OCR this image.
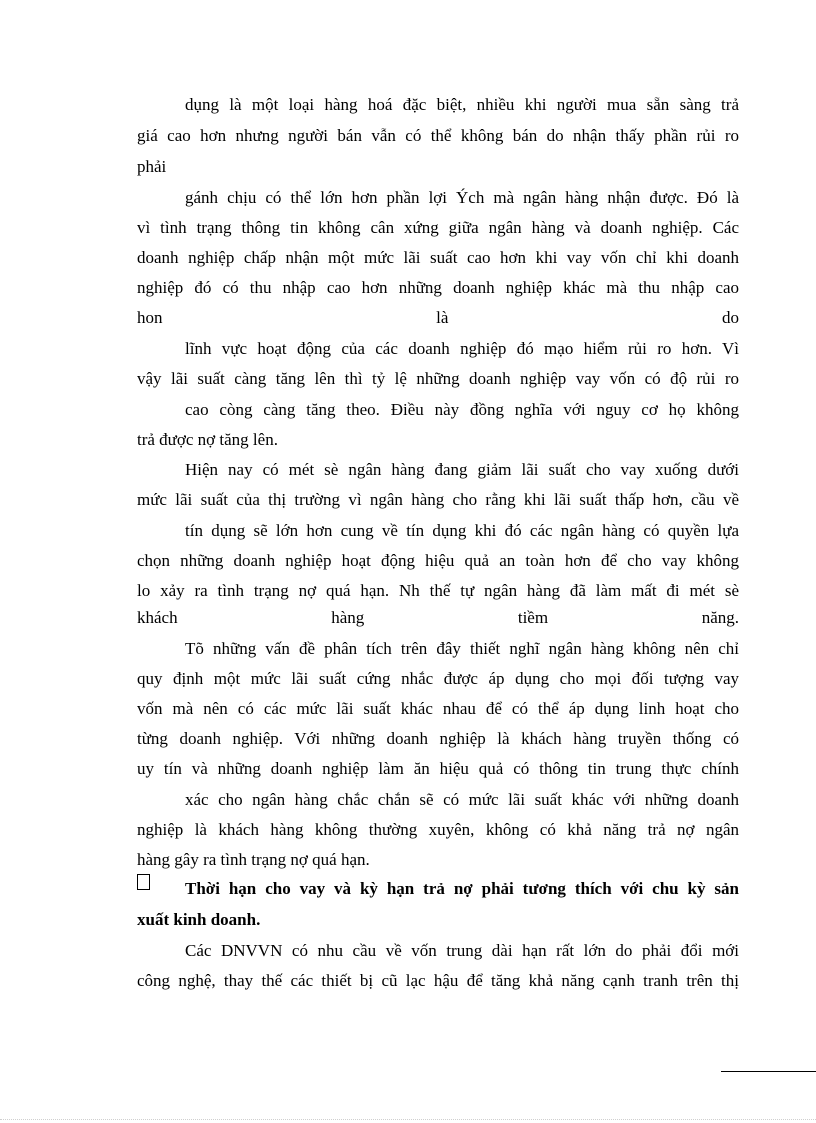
dụng là một loại hàng hoá đặc biệt, nhiều khi người mua sẵn sàng trả
giá cao hơn nhưng người bán vẫn có thể không bán do nhận thấy phần rủi ro
phải
gánh chịu có thể lớn hơn phần lợi Ých mà ngân hàng nhận được. Đó là
vì tình trạng thông tin không cân xứng giữa ngân hàng và doanh nghiệp. Các
doanh nghiệp chấp nhận một mức lãi suất cao hơn khi vay vốn chỉ khi doanh
nghiệp đó có thu nhập cao hơn những doanh nghiệp khác mà thu nhập cao
hon là do
lĩnh vực hoạt động của các doanh nghiệp đó mạo hiểm rủi ro hơn. Vì
vậy lãi suất càng tăng lên thì tỷ lệ những doanh nghiệp vay vốn có độ rủi ro
cao còng càng tăng theo. Điều này đồng nghĩa với nguy cơ họ không
trả được nợ tăng lên.
Hiện nay có mét sè ngân hàng đang giảm lãi suất cho vay xuống dưới
mức lãi suất của thị trường vì ngân hàng cho rằng khi lãi suất thấp hơn, cầu về
tín dụng sẽ lớn hơn cung về tín dụng khi đó các ngân hàng có quyền lựa
chọn những doanh nghiệp hoạt động hiệu quả an toàn hơn để cho vay không
lo xảy ra tình trạng nợ quá hạn. Nh thế tự ngân hàng đã làm mất đi mét sè
khách hàng tiềm năng.
Tõ những vấn đề phân tích trên đây thiết nghĩ ngân hàng không nên chỉ
quy định một mức lãi suất cứng nhắc được áp dụng cho mọi đối tượng vay
vốn mà nên có các mức lãi suất khác nhau để có thể áp dụng linh hoạt cho
từng doanh nghiệp. Với những doanh nghiệp là khách hàng truyền thống có
uy tín và những doanh nghiệp làm ăn hiệu quả có thông tin trung thực chính
xác cho ngân hàng chắc chắn sẽ có mức lãi suất khác với những doanh
nghiệp là khách hàng không thường xuyên, không có khả năng trả nợ ngân
hàng gây ra tình trạng nợ quá hạn.
Thời hạn cho vay và kỳ hạn trả nợ phải tương thích với chu kỳ sản
xuất kinh doanh.
Các DNVVN có nhu cầu về vốn trung dài hạn rất lớn do phải đổi mới
công nghệ, thay thế các thiết bị cũ lạc hậu để tăng khả năng cạnh tranh trên thị
